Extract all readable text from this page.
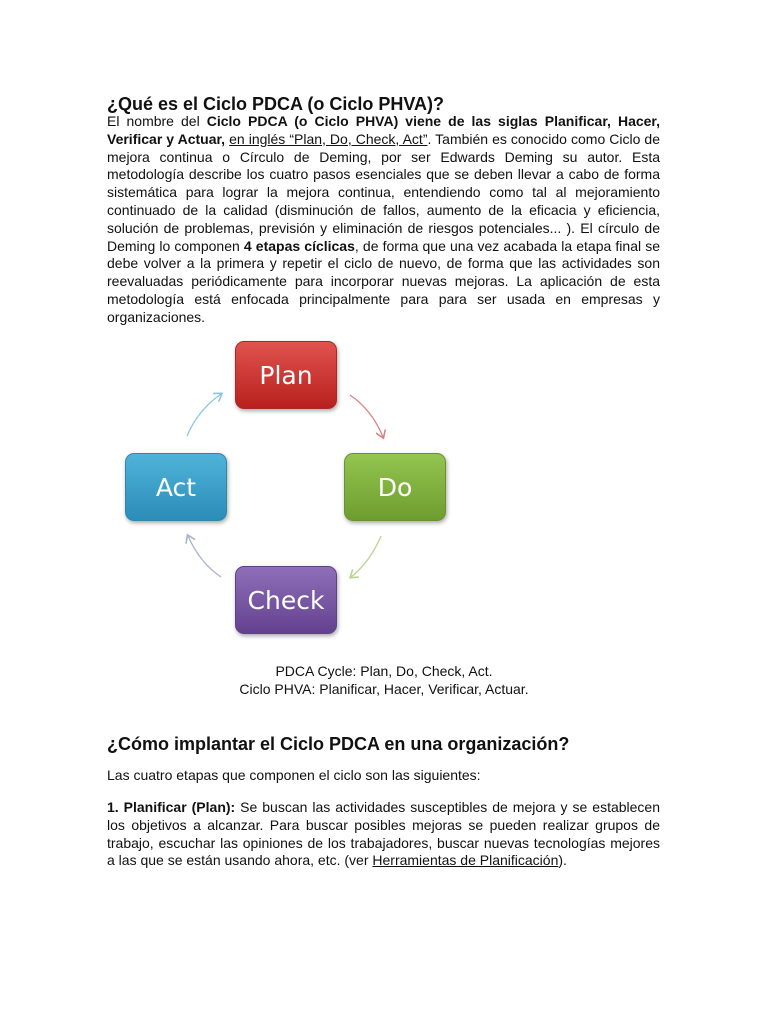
¿Qué es el Ciclo PDCA (o Ciclo PHVA)?

El nombre del Ciclo PDCA (o Ciclo PHVA) viene de las siglas Planificar, Hacer, Verificar y Actuar, en inglés “Plan, Do, Check, Act”. También es conocido como Ciclo de mejora continua o Círculo de Deming, por ser Edwards Deming su autor. Esta metodología describe los cuatro pasos esenciales que se deben llevar a cabo de forma sistemática para lograr la mejora continua, entendiendo como tal al mejoramiento continuado de la calidad (disminución de fallos, aumento de la eficacia y eficiencia, solución de problemas, previsión y eliminación de riesgos potenciales... ). El círculo de Deming lo componen 4 etapas cíclicas, de forma que una vez acabada la etapa final se debe volver a la primera y repetir el ciclo de nuevo, de forma que las actividades son reevaluadas periódicamente para incorporar nuevas mejoras. La aplicación de esta metodología está enfocada principalmente para para ser usada en empresas y organizaciones.

¿Cómo implantar el Ciclo PDCA en una organización?

Las cuatro etapas que componen el ciclo son las siguientes:

1. Planificar (Plan): Se buscan las actividades susceptibles de mejora y se establecen los objetivos a alcanzar. Para buscar posibles mejoras se pueden realizar grupos de trabajo, escuchar las opiniones de los trabajadores, buscar nuevas tecnologías mejores a las que se están usando ahora, etc. (ver Herramientas de Planificación).

Plan
Do
Check
Act
PDCA Cycle: Plan, Do, Check, Act.
Ciclo PHVA: Planificar, Hacer, Verificar, Actuar.
